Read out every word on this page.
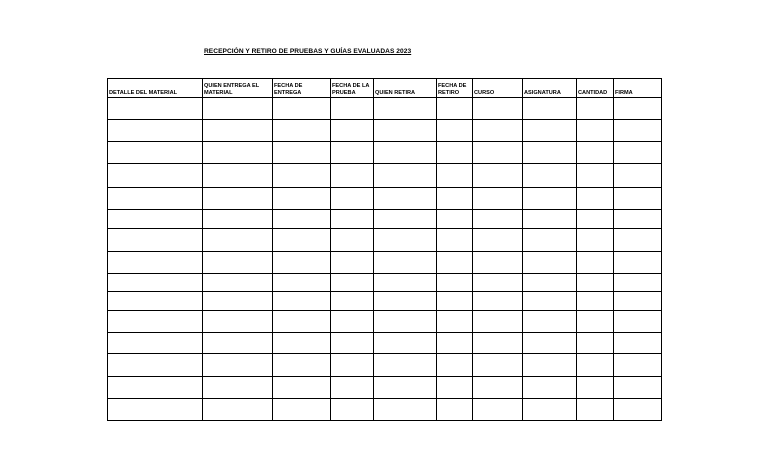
RECEPCIÓN Y RETIRO DE PRUEBAS Y GUÍAS EVALUADAS 2023
DETALLE DEL MATERIAL	QUIEN ENTREGA EL MATERIAL	FECHA DE ENTREGA	FECHA DE LA PRUEBA	QUIEN RETIRA	FECHA DE RETIRO	CURSO	ASIGNATURA	CANTIDAD	FIRMA
